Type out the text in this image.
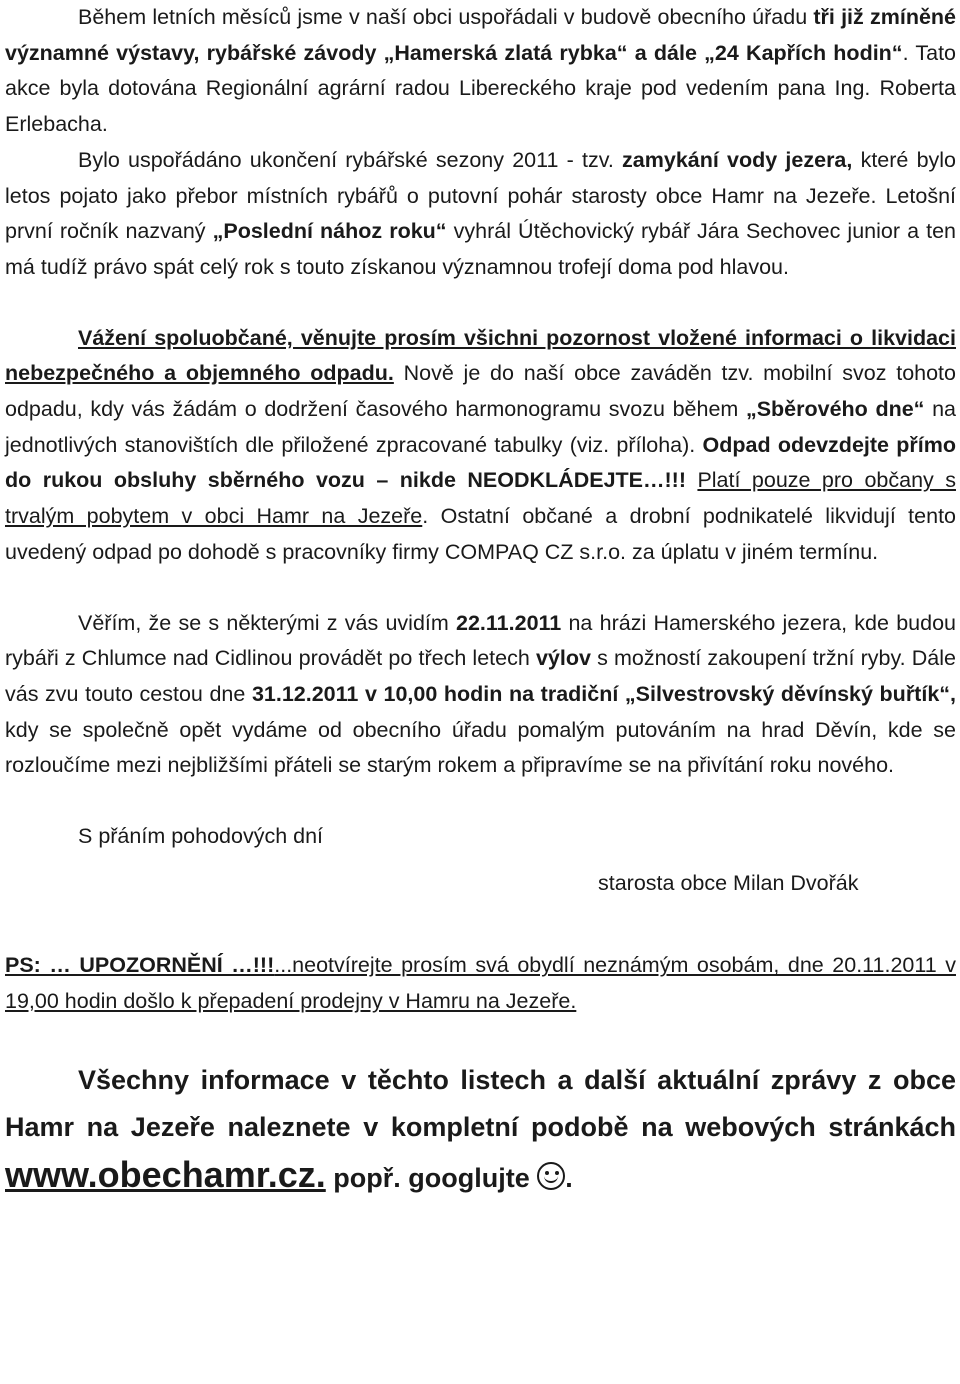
Během letních měsíců jsme v naší obci uspořádali v budově obecního úřadu tři již zmíněné významné výstavy, rybářské závody „Hamerská zlatá rybka“ a dále „24 Kapřích hodin“. Tato akce byla dotována Regionální agrární radou Libereckého kraje pod vedením pana Ing. Roberta Erlebacha.

Bylo uspořádáno ukončení rybářské sezony 2011 - tzv. zamykání vody jezera, které bylo letos pojato jako přebor místních rybářů o putovní pohár starosty obce Hamr na Jezeře. Letošní první ročník nazvaný „Poslední nához roku“ vyhrál Útěchovický rybář Jára Sechovec junior a ten má tudíž právo spát celý rok s touto získanou významnou trofejí doma pod hlavou.

Vážení spoluobčané, věnujte prosím všichni pozornost vložené informaci o likvidaci nebezpečného a objemného odpadu. Nově je do naší obce zaváděn tzv. mobilní svoz tohoto odpadu, kdy vás žádám o dodržení časového harmonogramu svozu během „Sběrového dne“ na jednotlivých stanovištích dle přiložené zpracované tabulky (viz. příloha). Odpad odevzdejte přímo do rukou obsluhy sběrného vozu – nikde NEODKLÁDEJTE…!!! Platí pouze pro občany s trvalým pobytem v obci Hamr na Jezeře. Ostatní občané a drobní podnikatelé likvidují tento uvedený odpad po dohodě s pracovníky firmy COMPAQ CZ s.r.o. za úplatu v jiném termínu.

Věřím, že se s některými z vás uvidím 22.11.2011 na hrázi Hamerského jezera, kde budou rybáři z Chlumce nad Cidlinou provádět po třech letech výlov s možností zakoupení tržní ryby. Dále vás zvu touto cestou dne 31.12.2011 v 10,00 hodin na tradiční „Silvestrovský děvínský buřtík“, kdy se společně opět vydáme od obecního úřadu pomalým putováním na hrad Děvín, kde se rozloučíme mezi nejbližšími přáteli se starým rokem a připravíme se na přivítání roku nového.

S přáním pohodových dní

starosta obce Milan Dvořák

PS: … UPOZORNĚNÍ …!!!...neotvírejte prosím svá obydlí neznámým osobám, dne 20.11.2011 v 19,00 hodin došlo k přepadení prodejny v Hamru na Jezeře.

Všechny informace v těchto listech a další aktuální zprávy z obce Hamr na Jezeře naleznete v kompletní podobě na webových stránkách www.obechamr.cz. popř. googlujte .
